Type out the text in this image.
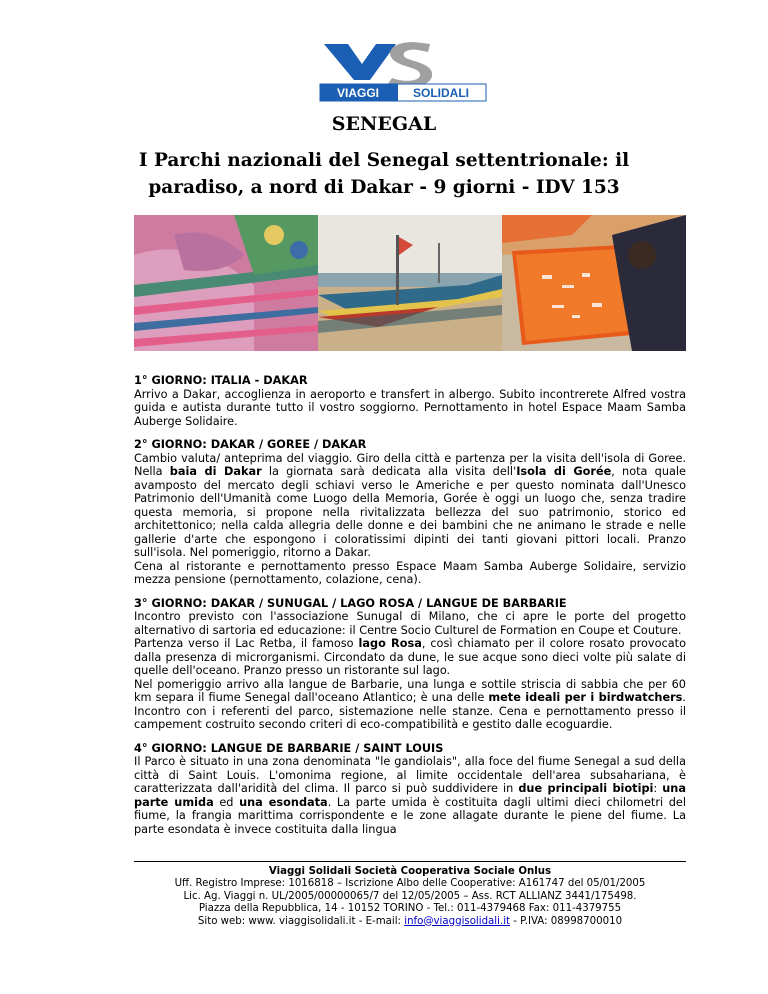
VIAGGI	SOLIDALI
SENEGAL
I Parchi nazionali del Senegal settentrionale: il paradiso, a nord di Dakar - 9 giorni - IDV 153
1° GIORNO: ITALIA - DAKAR

Arrivo a Dakar, accoglienza in aeroporto e transfert in albergo. Subito incontrerete Alfred vostra guida e autista durante tutto il vostro soggiorno. Pernottamento in hotel Espace Maam Samba Auberge Solidaire.

2° GIORNO: DAKAR / GOREE / DAKAR

Cambio valuta/ anteprima del viaggio. Giro della città e partenza per la visita dell'isola di Goree. Nella baia di Dakar la giornata sarà dedicata alla visita dell'Isola di Gorée, nota quale avamposto del mercato degli schiavi verso le Americhe e per questo nominata dall'Unesco Patrimonio dell'Umanità come Luogo della Memoria, Gorée è oggi un luogo che, senza tradire questa memoria, si propone nella rivitalizzata bellezza del suo patrimonio, storico ed architettonico; nella calda allegria delle donne e dei bambini che ne animano le strade e nelle gallerie d'arte che espongono i coloratissimi dipinti dei tanti giovani pittori locali. Pranzo sull'isola. Nel pomeriggio, ritorno a Dakar.

Cena al ristorante e pernottamento presso Espace Maam Samba Auberge Solidaire, servizio mezza pensione (pernottamento, colazione, cena).

3° GIORNO: DAKAR / SUNUGAL / LAGO ROSA / LANGUE DE BARBARIE

Incontro previsto con l'associazione Sunugal di Milano, che ci apre le porte del progetto alternativo di sartoria ed educazione: il Centre Socio Culturel de Formation en Coupe et Couture.

Partenza verso il Lac Retba, il famoso lago Rosa, così chiamato per il colore rosato provocato dalla presenza di microrganismi. Circondato da dune, le sue acque sono dieci volte più salate di quelle dell'oceano. Pranzo presso un ristorante sul lago.

Nel pomeriggio arrivo alla langue de Barbarie, una lunga e sottile striscia di sabbia che per 60 km separa il fiume Senegal dall'oceano Atlantico; è una delle mete ideali per i birdwatchers. Incontro con i referenti del parco, sistemazione nelle stanze. Cena e pernottamento presso il campement costruito secondo criteri di eco-compatibilità e gestito dalle ecoguardie.

4° GIORNO: LANGUE DE BARBARIE / SAINT LOUIS

Il Parco è situato in una zona denominata "le gandiolais", alla foce del fiume Senegal a sud della città di Saint Louis. L'omonima regione, al limite occidentale dell'area subsahariana, è caratterizzata dall'aridità del clima. Il parco si può suddividere in due principali biotipi: una parte umida ed una esondata. La parte umida è costituita dagli ultimi dieci chilometri del fiume, la frangia marittima corrispondente e le zone allagate durante le piene del fiume. La parte esondata è invece costituita dalla lingua

Viaggi Solidali Società Cooperativa Sociale Onlus
Uff. Registro Imprese: 1016818 – Iscrizione Albo delle Cooperative: A161747 del 05/01/2005
Lic. Ag. Viaggi n. UL/2005/00000065/7 del 12/05/2005 – Ass. RCT ALLIANZ 3441/175498.
Piazza della Repubblica, 14 - 10152 TORINO - Tel.: 011-4379468 Fax: 011-4379755
Sito web: www. viaggisolidali.it - E-mail: info@viaggisolidali.it - P.IVA: 08998700010
